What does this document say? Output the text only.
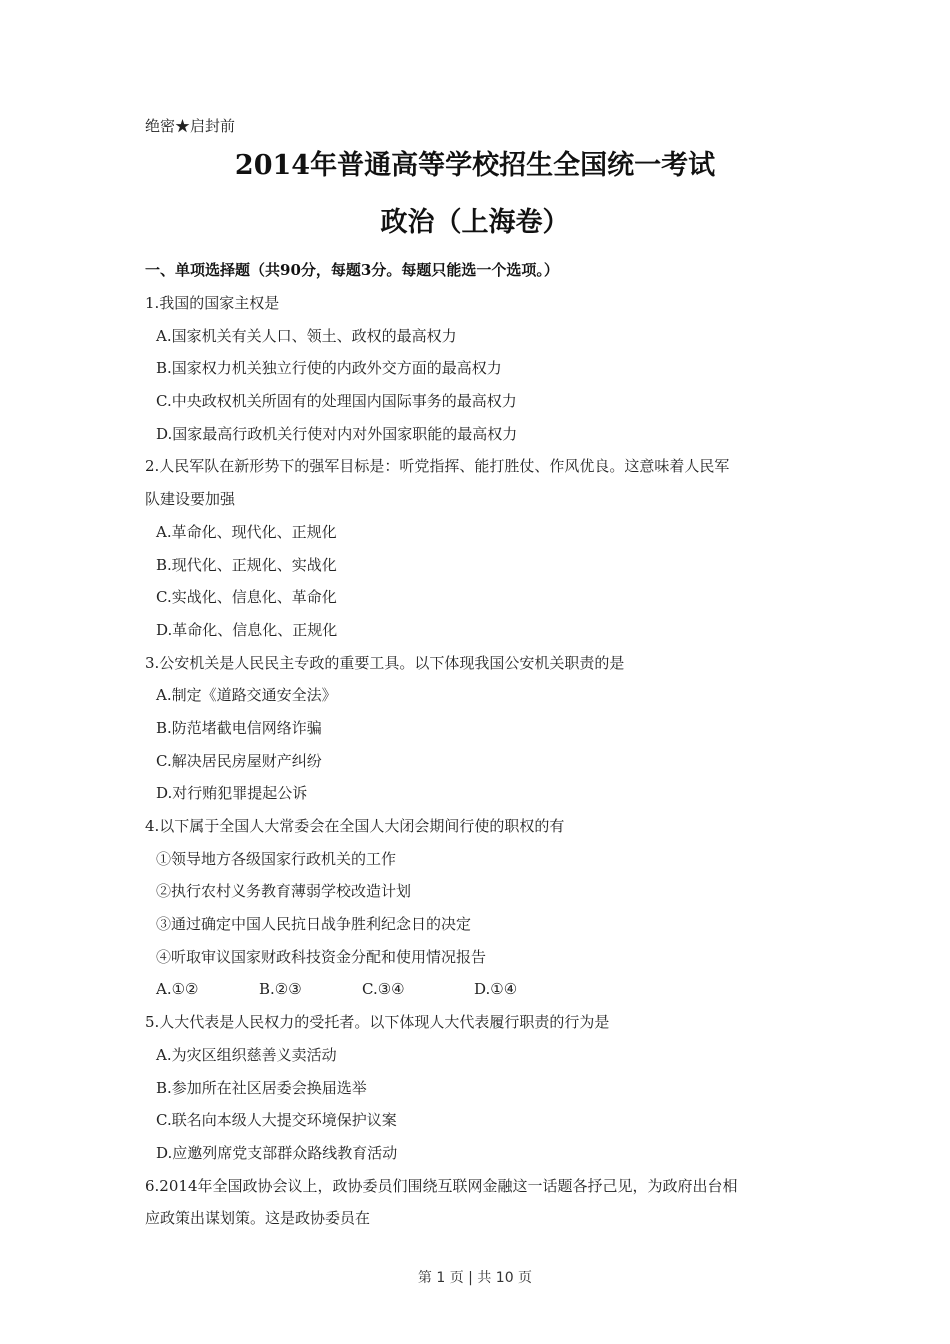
绝密★启封前
2014年普通高等学校招生全国统一考试
政治（上海卷）
一、单项选择题（共90分，每题3分。每题只能选一个选项。）
1.我国的国家主权是
A.国家机关有关人口、领土、政权的最高权力
B.国家权力机关独立行使的内政外交方面的最高权力
C.中央政权机关所固有的处理国内国际事务的最高权力
D.国家最高行政机关行使对内对外国家职能的最高权力
2.人民军队在新形势下的强军目标是：听党指挥、能打胜仗、作风优良。这意味着人民军
队建设要加强
A.革命化、现代化、正规化
B.现代化、正规化、实战化
C.实战化、信息化、革命化
D.革命化、信息化、正规化
3.公安机关是人民民主专政的重要工具。以下体现我国公安机关职责的是
A.制定《道路交通安全法》
B.防范堵截电信网络诈骗
C.解决居民房屋财产纠纷
D.对行贿犯罪提起公诉
4.以下属于全国人大常委会在全国人大闭会期间行使的职权的有
①领导地方各级国家行政机关的工作
②执行农村义务教育薄弱学校改造计划
③通过确定中国人民抗日战争胜利纪念日的决定
④听取审议国家财政科技资金分配和使用情况报告
A.①②	B.②③	C.③④	D.①④
5.人大代表是人民权力的受托者。以下体现人大代表履行职责的行为是
A.为灾区组织慈善义卖活动
B.参加所在社区居委会换届选举
C.联名向本级人大提交环境保护议案
D.应邀列席党支部群众路线教育活动
6.2014年全国政协会议上，政协委员们围绕互联网金融这一话题各抒己见，为政府出台相
应政策出谋划策。这是政协委员在
第 1 页 | 共 10 页
